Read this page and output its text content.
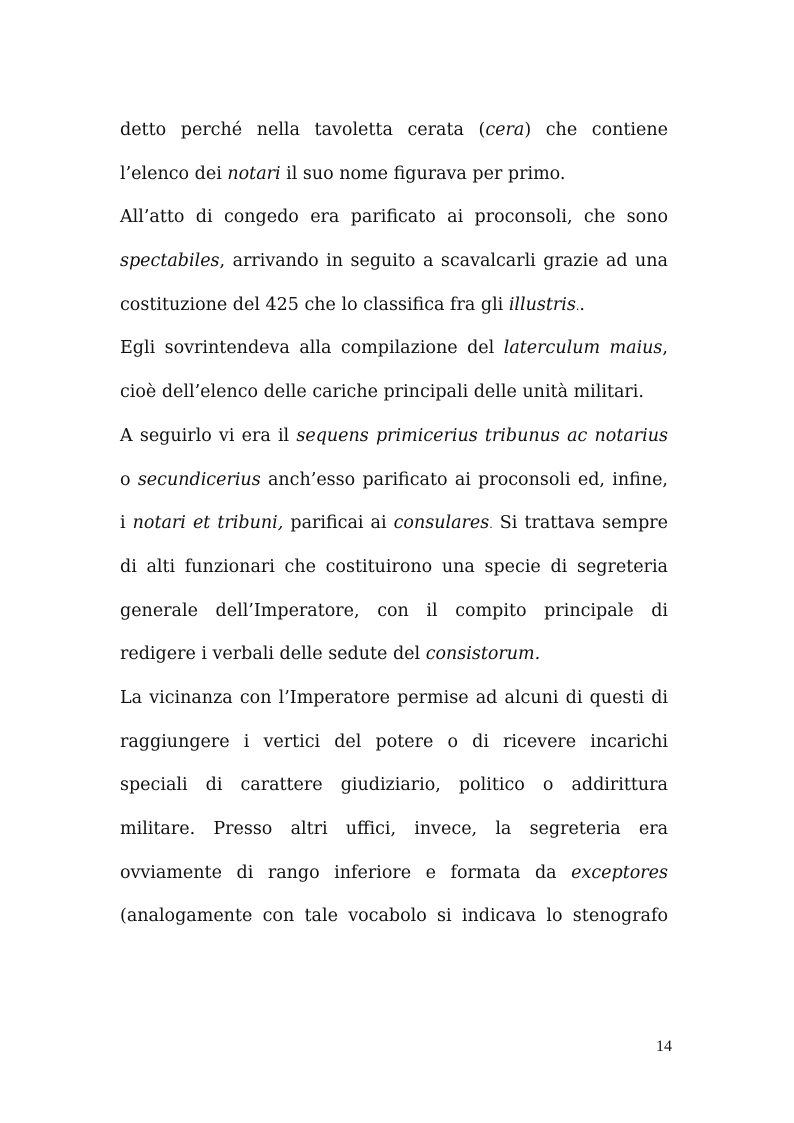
detto perché nella tavoletta cerata (cera) che contiene
l’elenco dei notari il suo nome figurava per primo.
All’atto di congedo era parificato ai proconsoli, che sono
spectabiles, arrivando in seguito a scavalcarli grazie ad una
costituzione del 425 che lo classifica fra gli illustris..
Egli sovrintendeva alla compilazione del laterculum maius,
cioè dell’elenco delle cariche principali delle unità militari.
A seguirlo vi era il sequens primicerius tribunus ac notarius
o secundicerius anch’esso parificato ai proconsoli ed, infine,
i notari et tribuni, parificai ai consulares. Si trattava sempre
di alti funzionari che costituirono una specie di segreteria
generale dell’Imperatore, con il compito principale di
redigere i verbali delle sedute del consistorum.
La vicinanza con l’Imperatore permise ad alcuni di questi di
raggiungere i vertici del potere o di ricevere incarichi
speciali di carattere giudiziario, politico o addirittura
militare. Presso altri uffici, invece, la segreteria era
ovviamente di rango inferiore e formata da exceptores
(analogamente con tale vocabolo si indicava lo stenografo
14
